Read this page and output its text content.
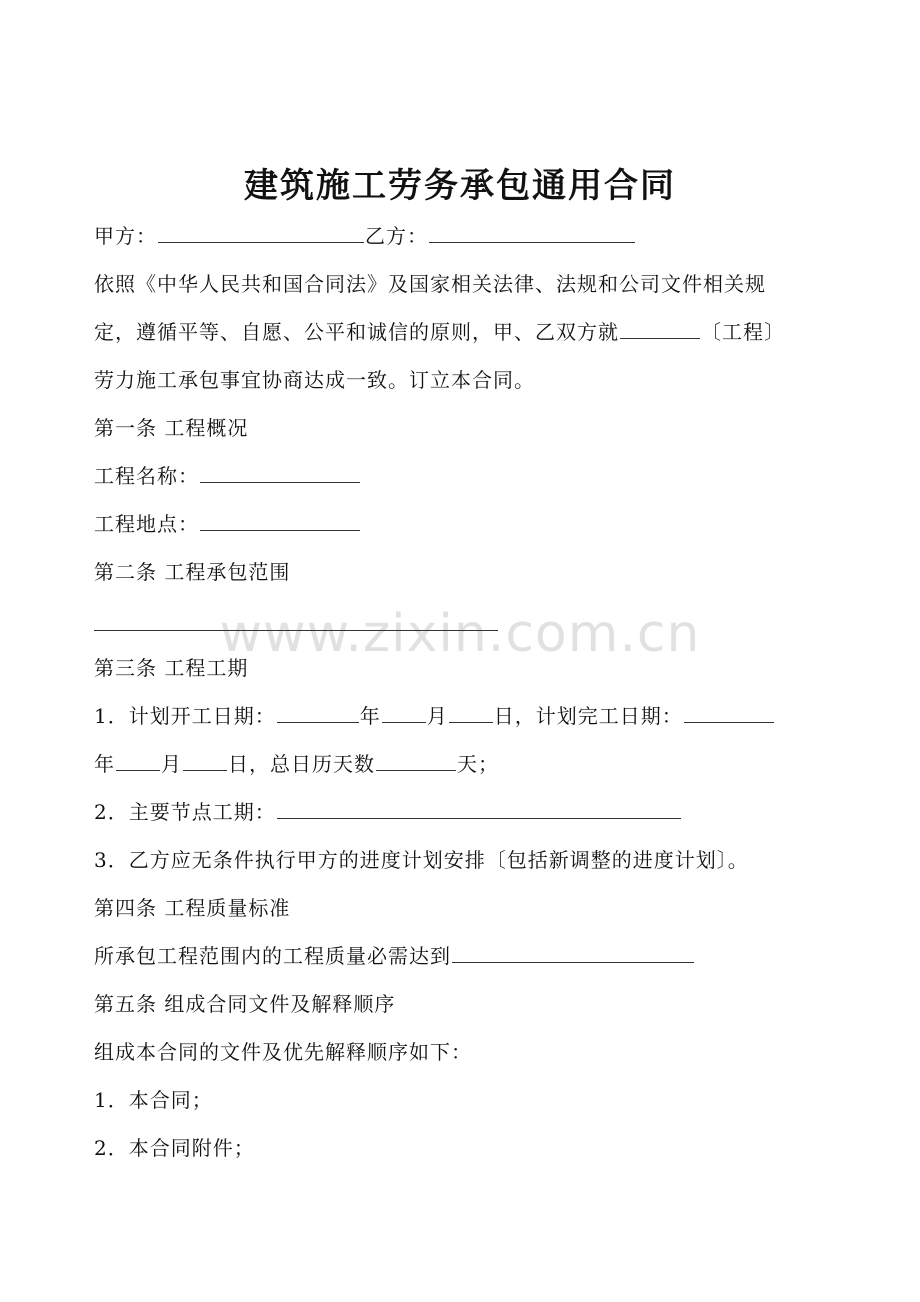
www.zixin.com.cn
建筑施工劳务承包通用合同
甲方：	乙方：
依照《中华人民共和国合同法》及国家相关法律、法规和公司文件相关规
定，遵循平等、自愿、公平和诚信的原则，甲、乙双方就	〔工程〕
劳力施工承包事宜协商达成一致。订立本合同。
第一条 工程概况
工程名称：
工程地点：
第二条 工程承包范围
第三条 工程工期
1．计划开工日期：	年 月 日，计划完工日期：
年 月 日，总日历天数	天；
2．主要节点工期：
3．乙方应无条件执行甲方的进度计划安排〔包括新调整的进度计划〕。
第四条 工程质量标准
所承包工程范围内的工程质量必需达到
第五条 组成合同文件及解释顺序
组成本合同的文件及优先解释顺序如下：
1．本合同；
2．本合同附件；
